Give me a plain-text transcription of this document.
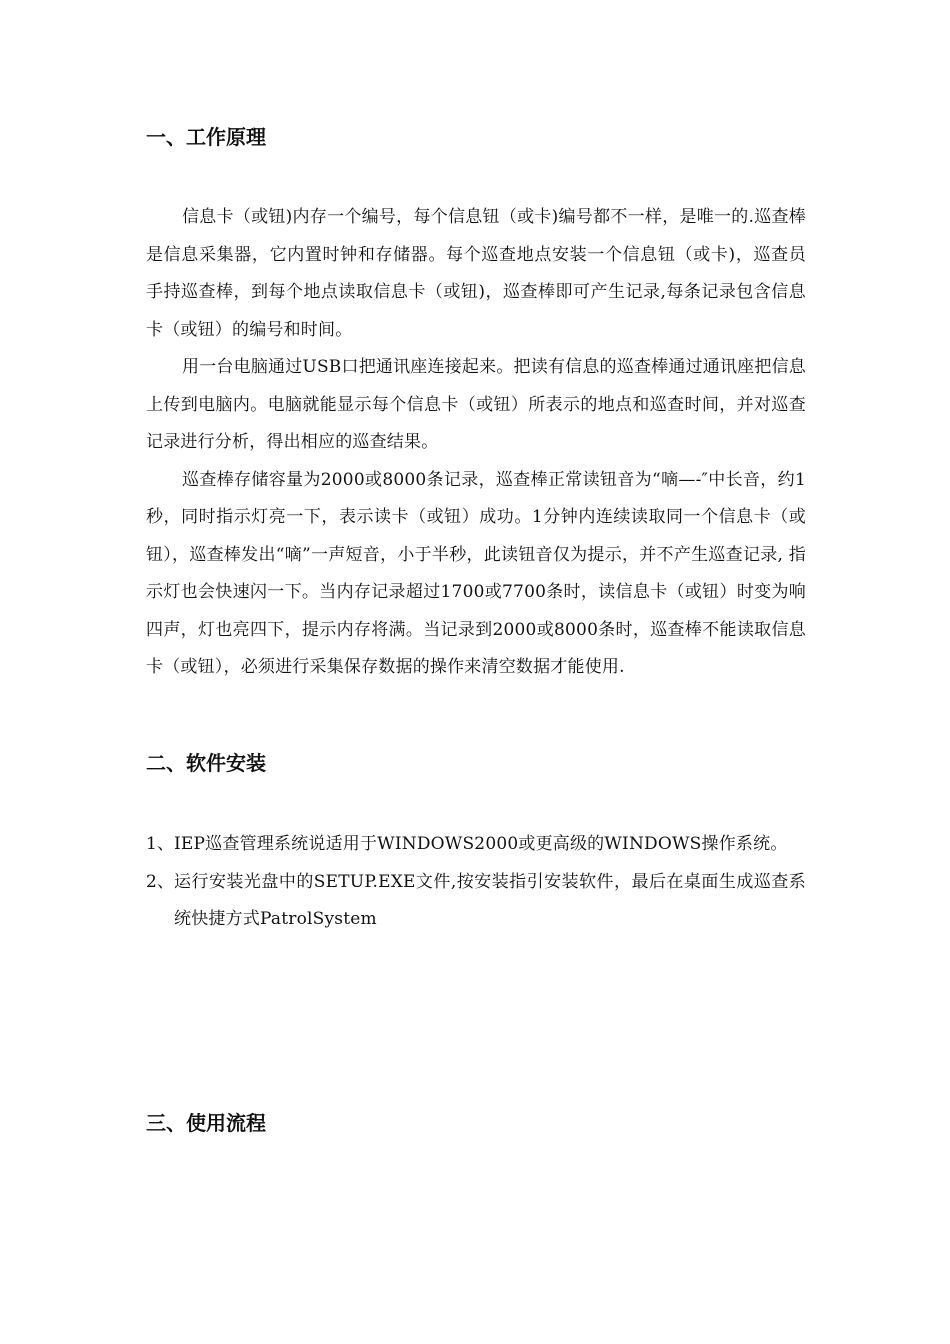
一、工作原理

信息卡（或钮)内存一个编号，每个信息钮（或卡)编号都不一样，是唯一的.巡查棒是信息采集器，它内置时钟和存储器。每个巡查地点安装一个信息钮（或卡)，巡查员手持巡查棒，到每个地点读取信息卡（或钮)，巡查棒即可产生记录,每条记录包含信息卡（或钮）的编号和时间。

用一台电脑通过USB口把通讯座连接起来。把读有信息的巡查棒通过通讯座把信息上传到电脑内。电脑就能显示每个信息卡（或钮）所表示的地点和巡查时间，并对巡查记录进行分析，得出相应的巡查结果。

巡查棒存储容量为2000或8000条记录，巡查棒正常读钮音为“嘀—-″中长音，约1秒，同时指示灯亮一下，表示读卡（或钮）成功。1分钟内连续读取同一个信息卡（或钮），巡查棒发出“嘀”一声短音，小于半秒，此读钮音仅为提示，并不产生巡查记录, 指示灯也会快速闪一下。当内存记录超过1700或7700条时，读信息卡（或钮）时变为响四声，灯也亮四下，提示内存将满。当记录到2000或8000条时，巡查棒不能读取信息卡（或钮），必须进行采集保存数据的操作来清空数据才能使用.

二、软件安装
1、 IEP巡查管理系统说适用于WINDOWS2000或更高级的WINDOWS操作系统。
2、 运行安装光盘中的SETUP.EXE文件,按安装指引安装软件，最后在桌面生成巡查系统快捷方式PatrolSystem
三、使用流程
